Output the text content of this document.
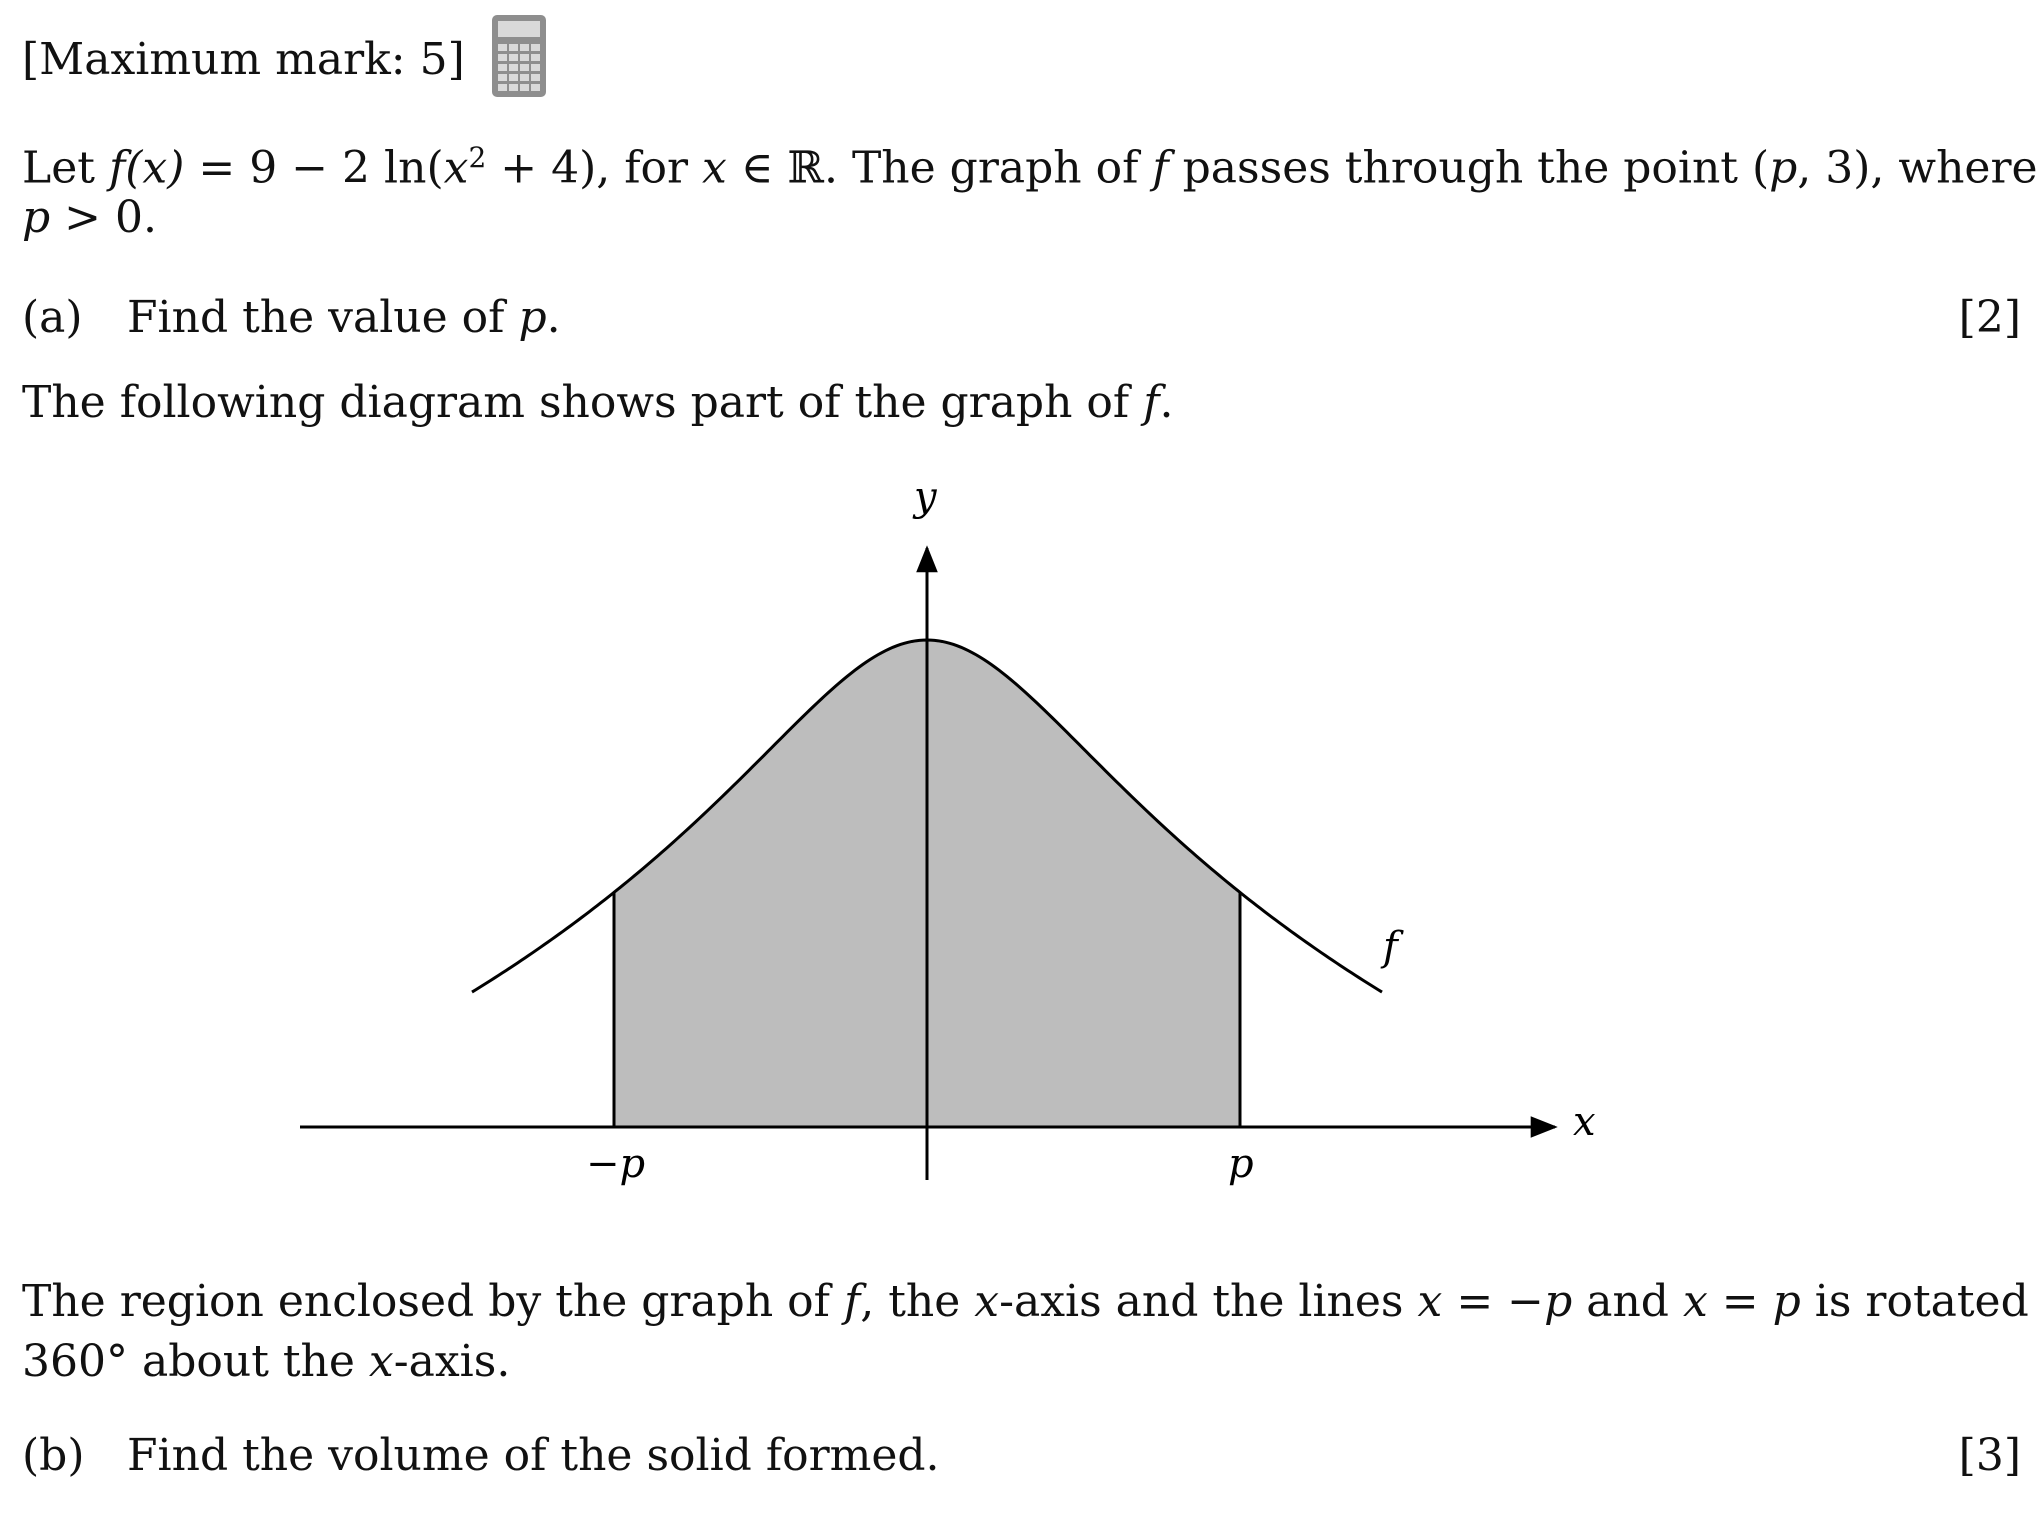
[Maximum mark: 5]
Let f(x) = 9 − 2 $\ln(x^2 + 4)$, for x ∈ ℝ. The graph of f passes through the point (p, 3), where
p > 0.
(a) Find the value of p.	[2]
The following diagram shows part of the graph of f.
y
x
f
−p	p
The region enclosed by the graph of f, the x-axis and the lines x = −p and x = p is rotated
360° about the x-axis.
(b) Find the volume of the solid formed.	[3]
